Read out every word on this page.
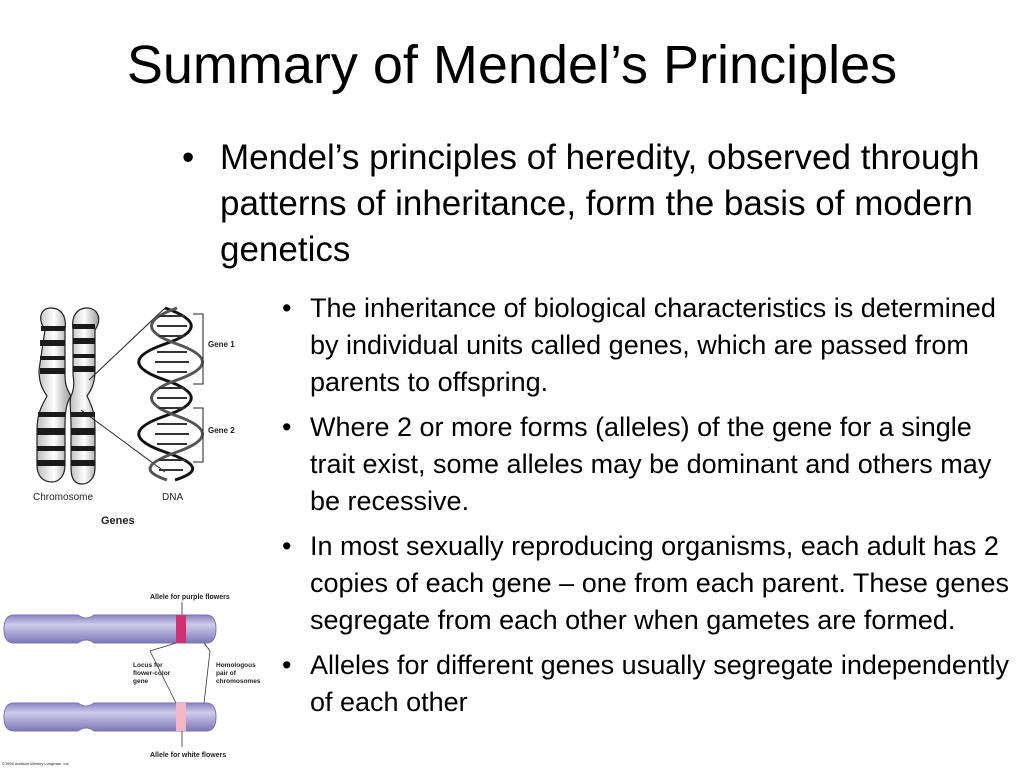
Summary of Mendel’s Principles
• Mendel’s principles of heredity, observed through patterns of inheritance, form the basis of modern genetics
• The inheritance of biological characteristics is determined by individual units called genes, which are passed from parents to offspring.
• Where 2 or more forms (alleles) of the gene for a single trait exist, some alleles may be dominant and others may be recessive.
• In most sexually reproducing organisms, each adult has 2 copies of each gene – one from each parent. These genes segregate from each other when gametes are formed.
• Alleles for different genes usually segregate independently of each other
Gene 1
Gene 2
Chromosome	DNA
Genes
Allele for purple flowers
Locus for flower-color gene
Homologous pair of chromosomes
Allele for white flowers
©1999 Addison Wesley Longman, Inc.
